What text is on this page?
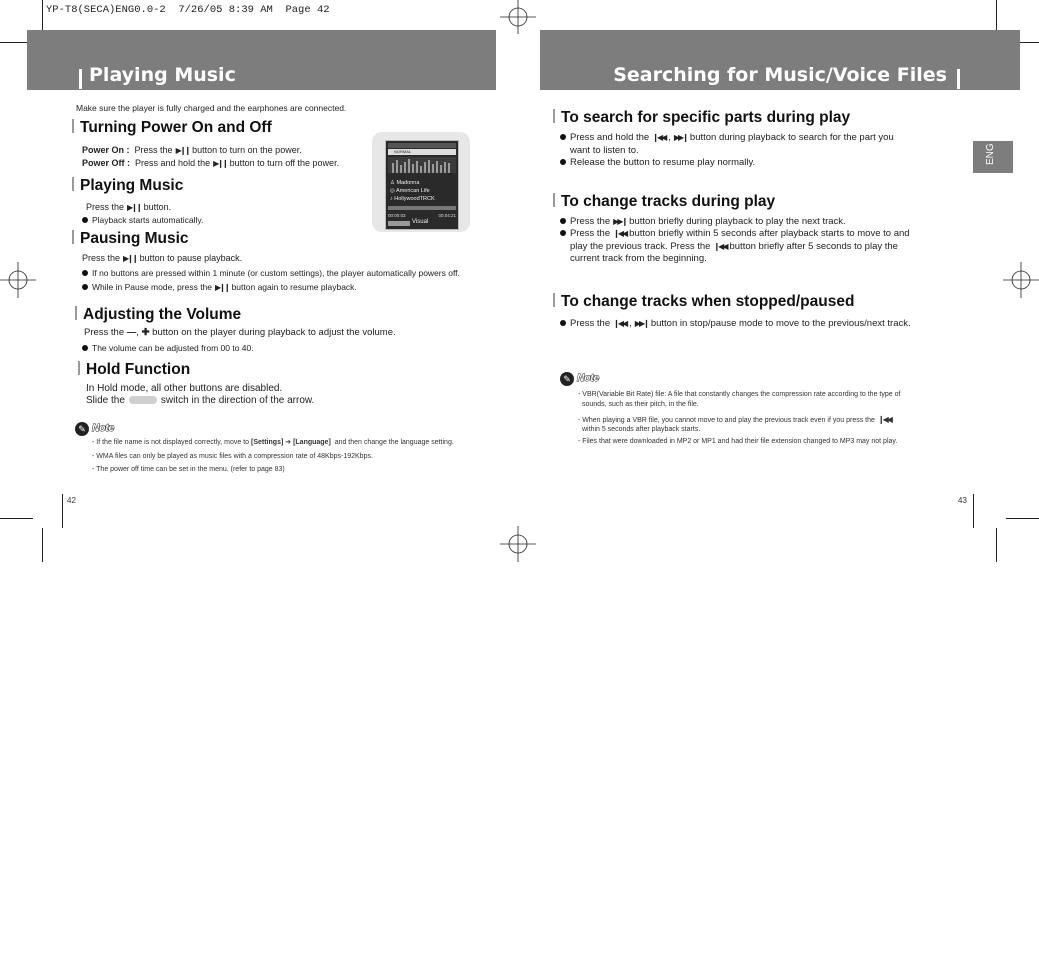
YP-T8(SECA)ENG0.0-2  7/26/05 8:39 AM  Page 42
Playing Music	Searching for Music/Voice Files
Make sure the player is fully charged and the earphones are connected.
Turning Power On and Off
Power On : Press the ▶❙❙ button to turn on the power.
Power Off : Press and hold the ▶❙❙ button to turn off the power.
Playing Music
Press the ▶❙❙ button.
Playback starts automatically.
Pausing Music
Press the ▶❙❙ button to pause playback.
If no buttons are pressed within 1 minute (or custom settings), the player automatically powers off.
While in Pause mode, press the ▶❙❙ button again to resume playback.
Adjusting the Volume
Press the —, ✚ button on the player during playback to adjust the volume.
The volume can be adjusted from 00 to 40.
Hold Function
In Hold mode, all other buttons are disabled.
Slide the	switch in the direction of the arrow.
✎ Note
- If the file name is not displayed correctly, move to [Settings] ➔ [Language] and then change the language setting.
- WMA files can only be played as music files with a compression rate of 48Kbps-192Kbps.
- The power off time can be set in the menu. (refer to page 83)
42
NORMAL
♙ Madonna
◎ American Life
♪ HollywoodTRCK
00:00:03	00:04:21
Visual
ENG
To search for specific parts during play
Press and hold the ❙◀◀ , ▶▶❙ button during playback to search for the part you
want to listen to.
Release the button to resume play normally.
To change tracks during play
Press the ▶▶❙ button briefly during playback to play the next track.
Press the ❙◀◀ button briefly within 5 seconds after playback starts to move to and
play the previous track. Press the ❙◀◀ button briefly after 5 seconds to play the
current track from the beginning.
To change tracks when stopped/paused
Press the ❙◀◀ , ▶▶❙ button in stop/pause mode to move to the previous/next track.
✎ Note
- VBR(Variable Bit Rate) file: A file that constantly changes the compression rate according to the type of
sounds, such as their pitch, in the file.
- When playing a VBR file, you cannot move to and play the previous track even if you press the ❙◀◀
within 5 seconds after playback starts.
- Files that were downloaded in MP2 or MP1 and had their file extension changed to MP3 may not play.
43
